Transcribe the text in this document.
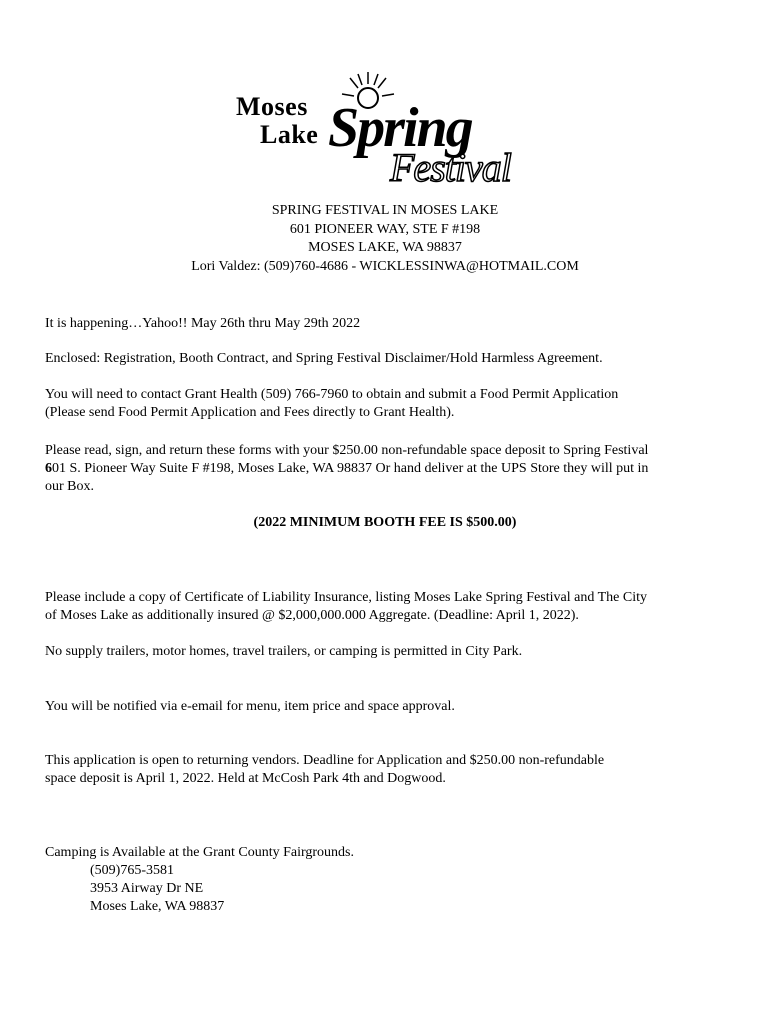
Moses
Lake Spring
Festival
SPRING FESTIVAL IN MOSES LAKE
601 PIONEER WAY, STE F #198
MOSES LAKE, WA 98837
Lori Valdez: (509)760-4686 - WICKLESSINWA@HOTMAIL.COM
It is happening…Yahoo!! May 26th thru May 29th 2022
Enclosed: Registration, Booth Contract, and Spring Festival Disclaimer/Hold Harmless Agreement.
You will need to contact Grant Health (509) 766-7960 to obtain and submit a Food Permit Application
(Please send Food Permit Application and Fees directly to Grant Health).
Please read, sign, and return these forms with your $250.00 non-refundable space deposit to Spring Festival
601 S. Pioneer Way Suite F #198, Moses Lake, WA 98837 Or hand deliver at the UPS Store they will put in
our Box.
(2022 MINIMUM BOOTH FEE IS $500.00)
Please include a copy of Certificate of Liability Insurance, listing Moses Lake Spring Festival and The City
of Moses Lake as additionally insured @ $2,000,000.000 Aggregate. (Deadline: April 1, 2022).
No supply trailers, motor homes, travel trailers, or camping is permitted in City Park.
You will be notified via e-email for menu, item price and space approval.
This application is open to returning vendors. Deadline for Application and $250.00 non-refundable
space deposit is April 1, 2022. Held at McCosh Park 4th and Dogwood.
Camping is Available at the Grant County Fairgrounds.
(509)765-3581
3953 Airway Dr NE
Moses Lake, WA 98837
